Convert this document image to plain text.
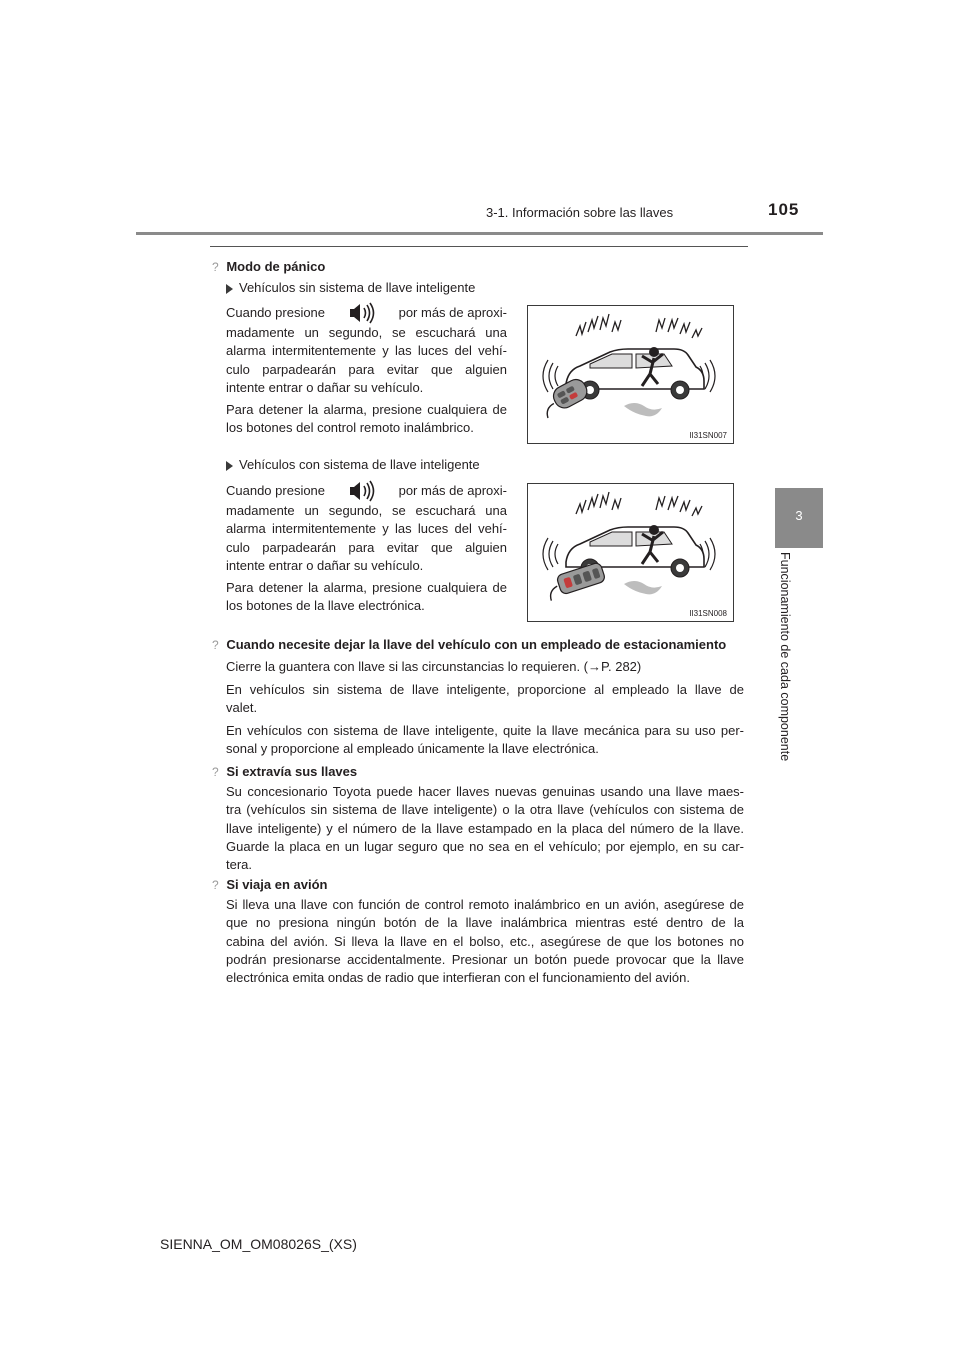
3-1. Información sobre las llaves	105
3
Funcionamiento de cada componente
? Modo de pánico
Vehículos sin sistema de llave inteligente
Cuando presione	por más de aproxi-
madamente un segundo, se escuchará una
alarma intermitentemente y las luces del vehí-
culo parpadearán para evitar que alguien
intente entrar o dañar su vehículo.
Para detener la alarma, presione cualquiera de
los botones del control remoto inalámbrico.
II31SN007
Vehículos con sistema de llave inteligente
Cuando presione	por más de aproxi-
madamente un segundo, se escuchará una
alarma intermitentemente y las luces del vehí-
culo parpadearán para evitar que alguien
intente entrar o dañar su vehículo.
Para detener la alarma, presione cualquiera de
los botones de la llave electrónica.
II31SN008
? Cuando necesite dejar la llave del vehículo con un empleado de estacionamiento
Cierre la guantera con llave si las circunstancias lo requieren. (→P. 282)
En vehículos sin sistema de llave inteligente, proporcione al empleado la llave de
valet.
En vehículos con sistema de llave inteligente, quite la llave mecánica para su uso per-
sonal y proporcione al empleado únicamente la llave electrónica.
? Si extravía sus llaves
Su concesionario Toyota puede hacer llaves nuevas genuinas usando una llave maes-
tra (vehículos sin sistema de llave inteligente) o la otra llave (vehículos con sistema de
llave inteligente) y el número de la llave estampado en la placa del número de la llave.
Guarde la placa en un lugar seguro que no sea en el vehículo; por ejemplo, en su car-
tera.
? Si viaja en avión
Si lleva una llave con función de control remoto inalámbrico en un avión, asegúrese de
que no presiona ningún botón de la llave inalámbrica mientras esté dentro de la
cabina del avión. Si lleva la llave en el bolso, etc., asegúrese de que los botones no
podrán presionarse accidentalmente. Presionar un botón puede provocar que la llave
electrónica emita ondas de radio que interfieran con el funcionamiento del avión.
SIENNA_OM_OM08026S_(XS)
